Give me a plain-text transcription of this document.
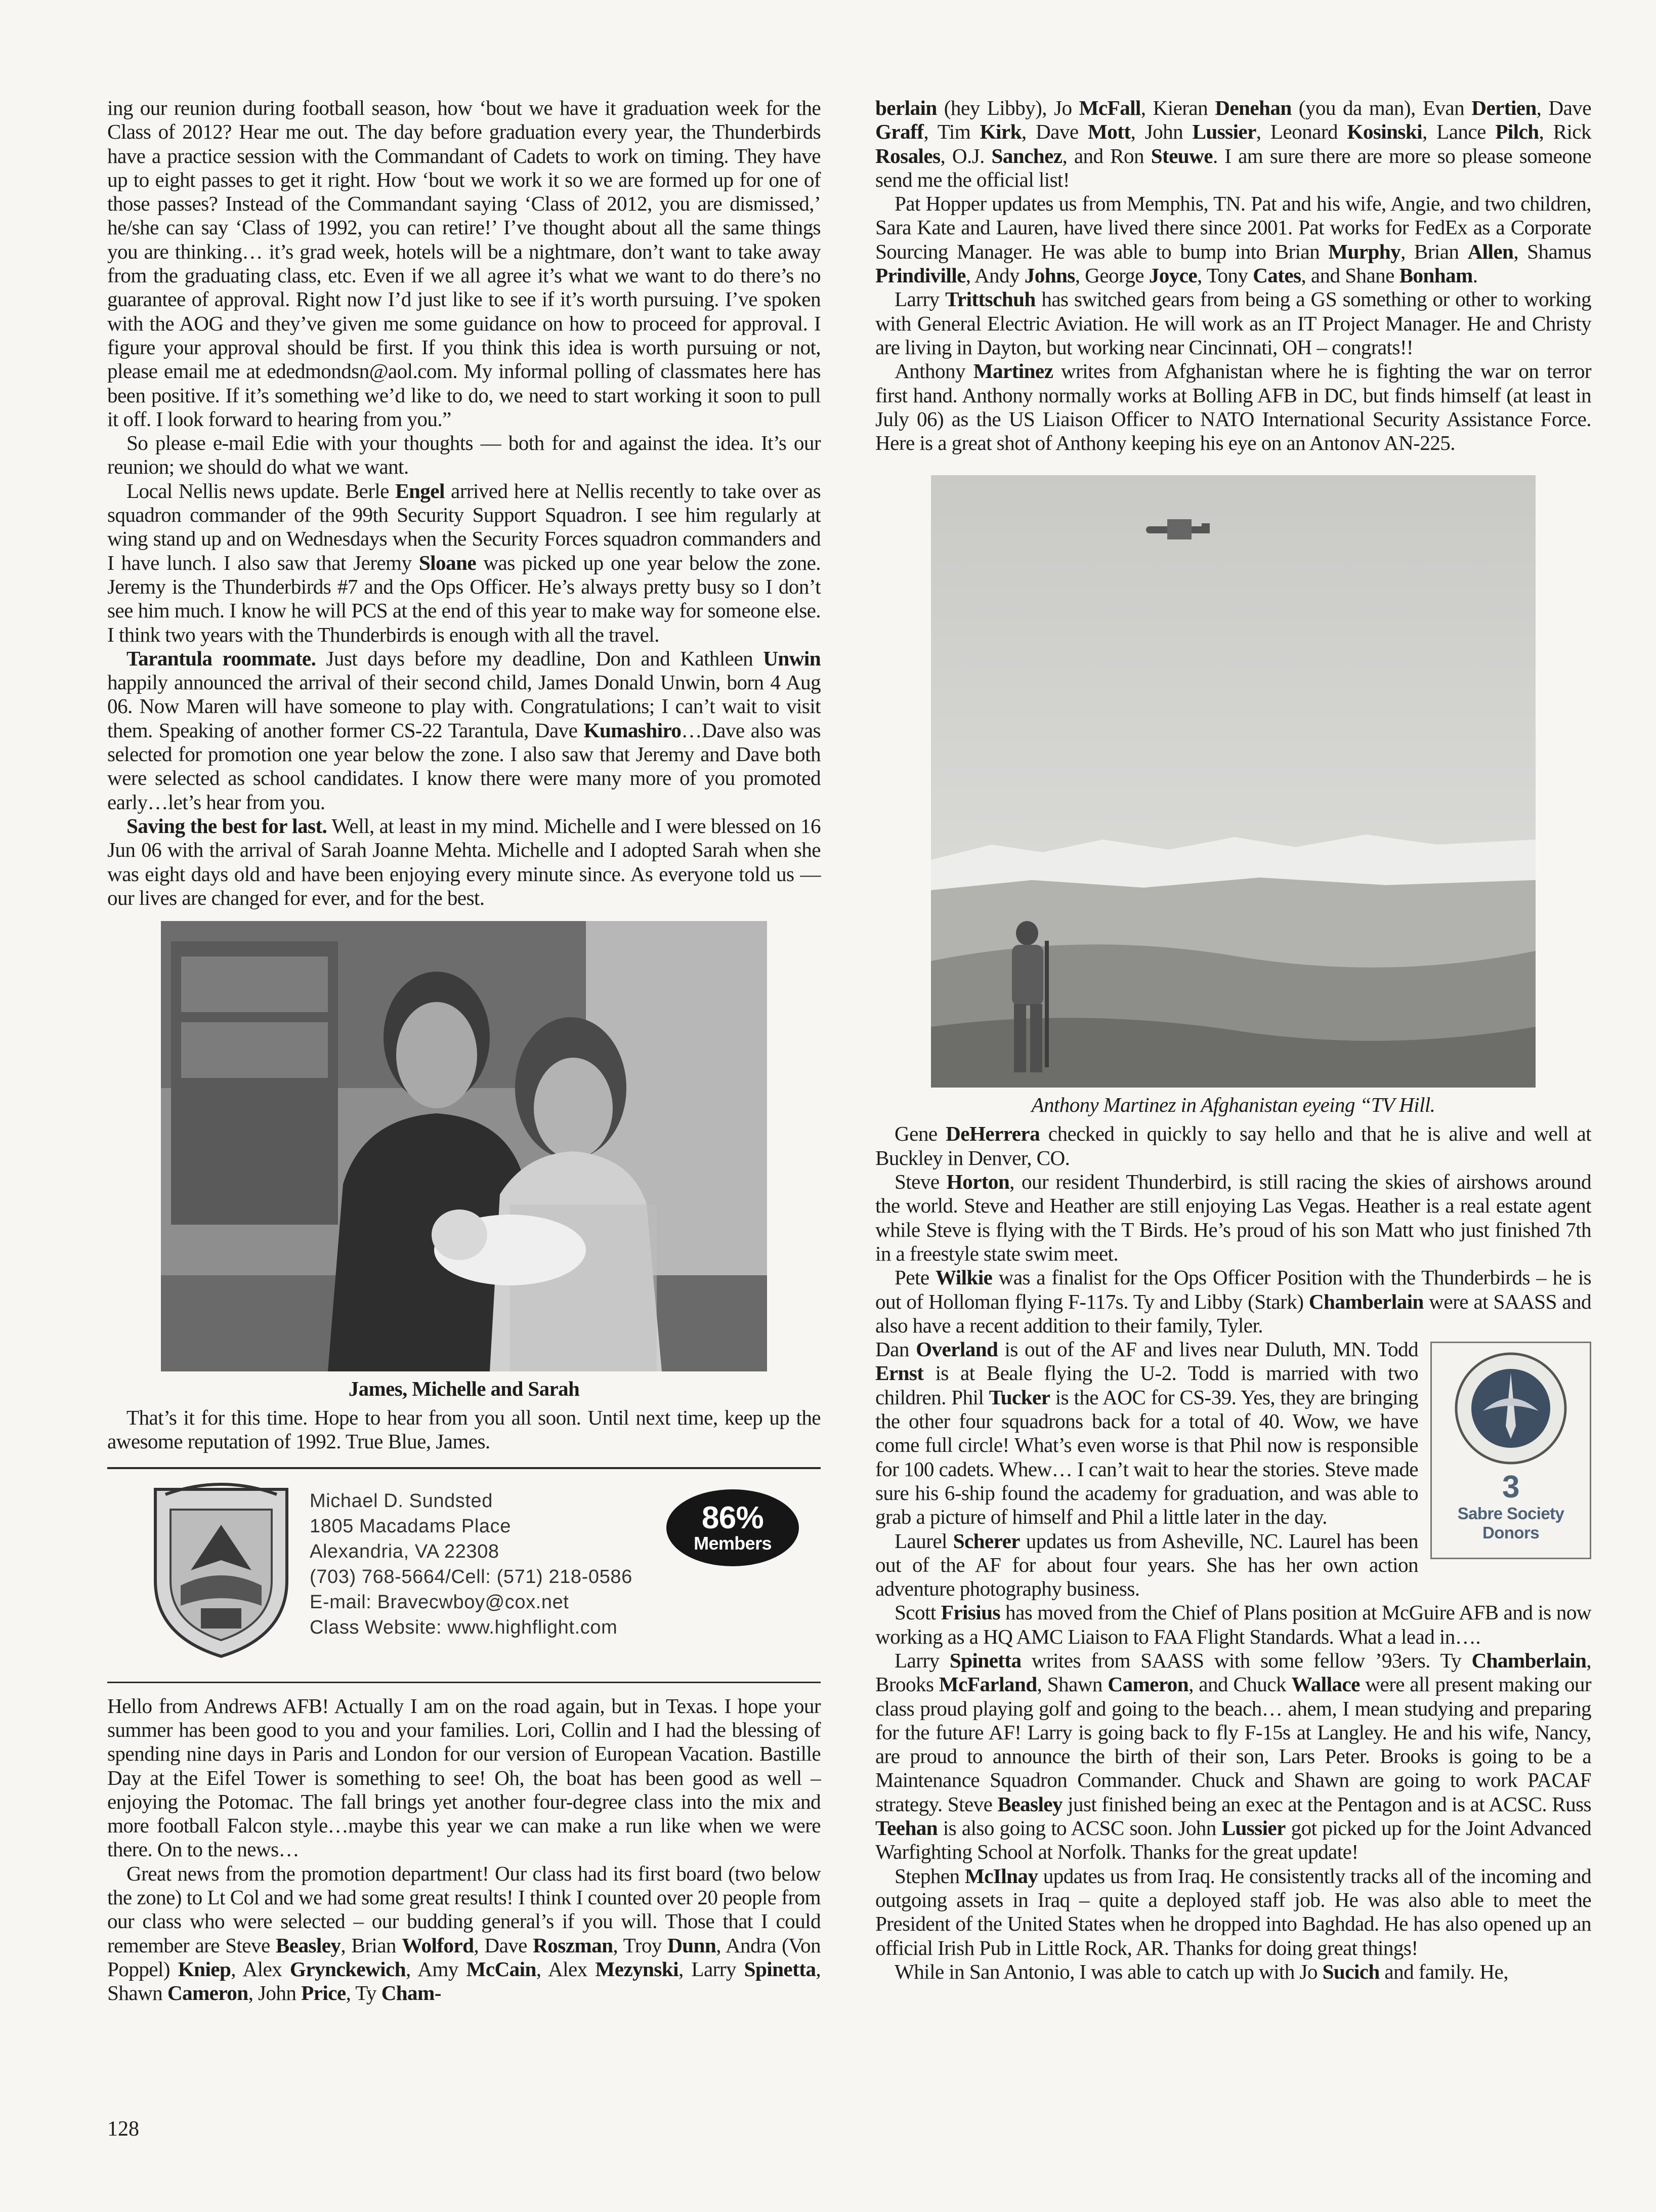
ing our reunion during football season, how ‘bout we have it graduation week for the Class of 2012? Hear me out. The day before graduation every year, the Thunderbirds have a practice session with the Commandant of Cadets to work on timing. They have up to eight passes to get it right. How ‘bout we work it so we are formed up for one of those passes? Instead of the Commandant saying ‘Class of 2012, you are dismissed,’ he/she can say ‘Class of 1992, you can retire!’ I’ve thought about all the same things you are thinking… it’s grad week, hotels will be a nightmare, don’t want to take away from the graduating class, etc. Even if we all agree it’s what we want to do there’s no guarantee of approval. Right now I’d just like to see if it’s worth pursuing. I’ve spoken with the AOG and they’ve given me some guidance on how to proceed for approval. I figure your approval should be first. If you think this idea is worth pursuing or not, please email me at ededmondsn@aol.com. My informal polling of classmates here has been positive. If it’s something we’d like to do, we need to start working it soon to pull it off. I look forward to hearing from you.”
So please e-mail Edie with your thoughts — both for and against the idea. It’s our reunion; we should do what we want.
Local Nellis news update. Berle Engel arrived here at Nellis recently to take over as squadron commander of the 99th Security Support Squadron. I see him regularly at wing stand up and on Wednesdays when the Security Forces squadron commanders and I have lunch. I also saw that Jeremy Sloane was picked up one year below the zone. Jeremy is the Thunderbirds #7 and the Ops Officer. He’s always pretty busy so I don’t see him much. I know he will PCS at the end of this year to make way for someone else. I think two years with the Thunderbirds is enough with all the travel.
Tarantula roommate. Just days before my deadline, Don and Kathleen Unwin happily announced the arrival of their second child, James Donald Unwin, born 4 Aug 06. Now Maren will have someone to play with. Congratulations; I can’t wait to visit them. Speaking of another former CS-22 Tarantula, Dave Kumashiro…Dave also was selected for promotion one year below the zone. I also saw that Jeremy and Dave both were selected as school candidates. I know there were many more of you promoted early…let’s hear from you.
Saving the best for last. Well, at least in my mind. Michelle and I were blessed on 16 Jun 06 with the arrival of Sarah Joanne Mehta. Michelle and I adopted Sarah when she was eight days old and have been enjoying every minute since. As everyone told us — our lives are changed for ever, and for the best.
James, Michelle and Sarah
That’s it for this time. Hope to hear from you all soon. Until next time, keep up the awesome reputation of 1992. True Blue, James.
Michael D. Sundsted
1805 Macadams Place
Alexandria, VA 22308
(703) 768-5664/Cell: (571) 218-0586
E-mail: Bravecwboy@cox.net
Class Website: www.highflight.com
86%
Members
Hello from Andrews AFB! Actually I am on the road again, but in Texas. I hope your summer has been good to you and your families. Lori, Collin and I had the blessing of spending nine days in Paris and London for our version of European Vacation. Bastille Day at the Eifel Tower is something to see! Oh, the boat has been good as well – enjoying the Potomac. The fall brings yet another four-degree class into the mix and more football Falcon style…maybe this year we can make a run like when we were there. On to the news…
Great news from the promotion department! Our class had its first board (two below the zone) to Lt Col and we had some great results! I think I counted over 20 people from our class who were selected – our budding general’s if you will. Those that I could remember are Steve Beasley, Brian Wolford, Dave Roszman, Troy Dunn, Andra (Von Poppel) Kniep, Alex Grynckewich, Amy McCain, Alex Mezynski, Larry Spinetta, Shawn Cameron, John Price, Ty Cham-
berlain (hey Libby), Jo McFall, Kieran Denehan (you da man), Evan Dertien, Dave Graff, Tim Kirk, Dave Mott, John Lussier, Leonard Kosinski, Lance Pilch, Rick Rosales, O.J. Sanchez, and Ron Steuwe. I am sure there are more so please someone send me the official list!
Pat Hopper updates us from Memphis, TN. Pat and his wife, Angie, and two children, Sara Kate and Lauren, have lived there since 2001. Pat works for FedEx as a Corporate Sourcing Manager. He was able to bump into Brian Murphy, Brian Allen, Shamus Prindiville, Andy Johns, George Joyce, Tony Cates, and Shane Bonham.
Larry Trittschuh has switched gears from being a GS something or other to working with General Electric Aviation. He will work as an IT Project Manager. He and Christy are living in Dayton, but working near Cincinnati, OH – congrats!!
Anthony Martinez writes from Afghanistan where he is fighting the war on terror first hand. Anthony normally works at Bolling AFB in DC, but finds himself (at least in July 06) as the US Liaison Officer to NATO International Security Assistance Force. Here is a great shot of Anthony keeping his eye on an Antonov AN-225.
Anthony Martinez in Afghanistan eyeing “TV Hill.
Gene DeHerrera checked in quickly to say hello and that he is alive and well at Buckley in Denver, CO.
Steve Horton, our resident Thunderbird, is still racing the skies of airshows around the world. Steve and Heather are still enjoying Las Vegas. Heather is a real estate agent while Steve is flying with the T Birds. He’s proud of his son Matt who just finished 7th in a freestyle state swim meet.
Pete Wilkie was a finalist for the Ops Officer Position with the Thunderbirds – he is out of Holloman flying F-117s. Ty and Libby (Stark) Chamberlain were at SAASS and also have a recent addition to their family, Tyler.
3
Sabre Society
Donors
Dan Overland is out of the AF and lives near Duluth, MN. Todd Ernst is at Beale flying the U-2. Todd is married with two children. Phil Tucker is the AOC for CS-39. Yes, they are bringing the other four squadrons back for a total of 40. Wow, we have come full circle! What’s even worse is that Phil now is responsible for 100 cadets. Whew… I can’t wait to hear the stories. Steve made sure his 6-ship found the academy for graduation, and was able to grab a picture of himself and Phil a little later in the day.
Laurel Scherer updates us from Asheville, NC. Laurel has been out of the AF for about four years. She has her own action adventure photography business.
Scott Frisius has moved from the Chief of Plans position at McGuire AFB and is now working as a HQ AMC Liaison to FAA Flight Standards. What a lead in….
Larry Spinetta writes from SAASS with some fellow ’93ers. Ty Chamberlain, Brooks McFarland, Shawn Cameron, and Chuck Wallace were all present making our class proud playing golf and going to the beach… ahem, I mean studying and preparing for the future AF! Larry is going back to fly F-15s at Langley. He and his wife, Nancy, are proud to announce the birth of their son, Lars Peter. Brooks is going to be a Maintenance Squadron Commander. Chuck and Shawn are going to work PACAF strategy. Steve Beasley just finished being an exec at the Pentagon and is at ACSC. Russ Teehan is also going to ACSC soon. John Lussier got picked up for the Joint Advanced Warfighting School at Norfolk. Thanks for the great update!
Stephen McIlnay updates us from Iraq. He consistently tracks all of the incoming and outgoing assets in Iraq – quite a deployed staff job. He was also able to meet the President of the United States when he dropped into Baghdad. He has also opened up an official Irish Pub in Little Rock, AR. Thanks for doing great things!
While in San Antonio, I was able to catch up with Jo Sucich and family. He,
128
